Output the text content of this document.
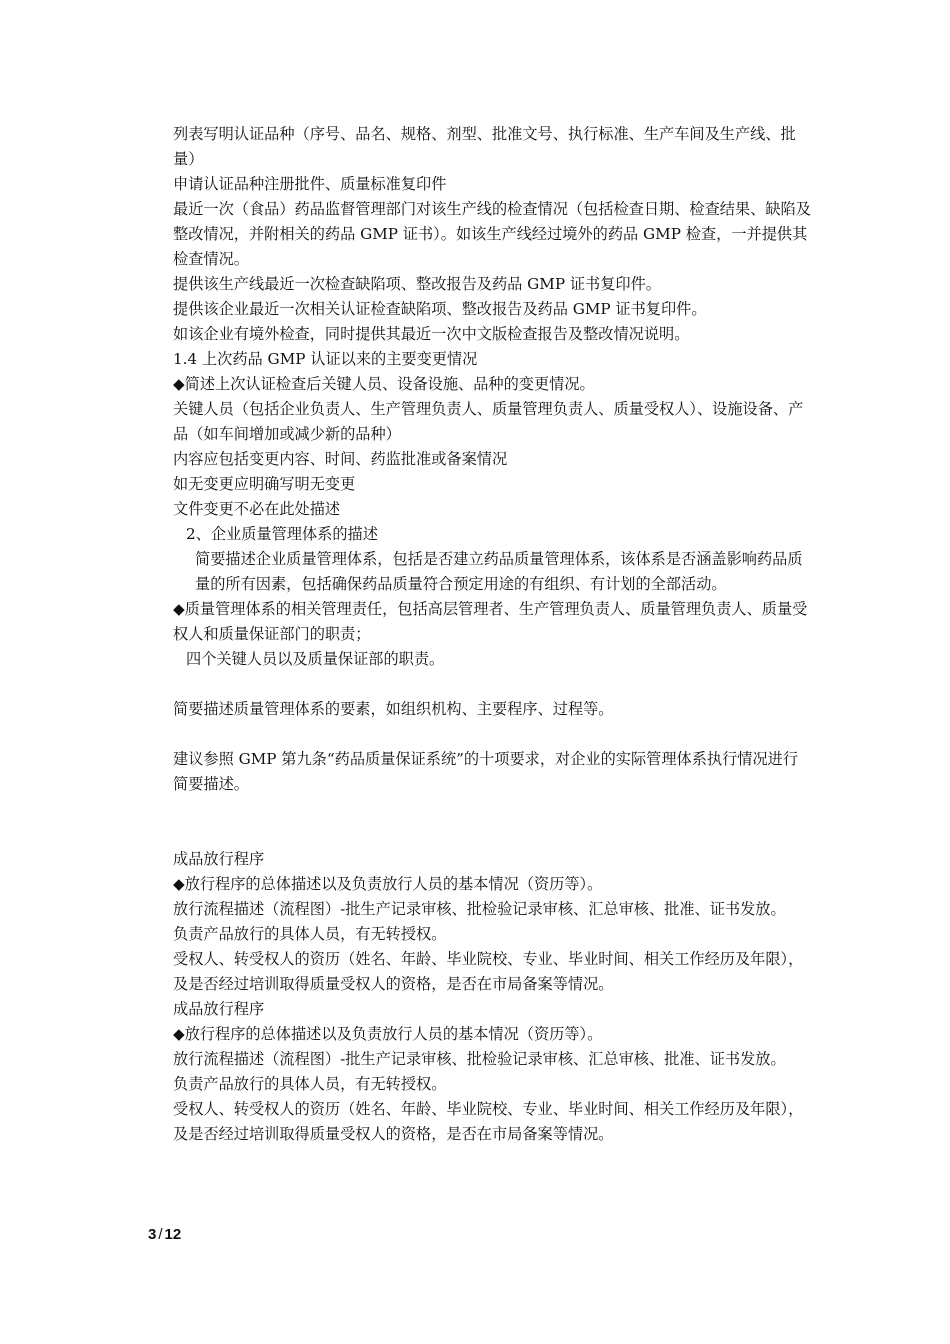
列表写明认证品种（序号、品名、规格、剂型、批准文号、执行标准、生产车间及生产线、批量）

申请认证品种注册批件、质量标准复印件

最近一次（食品）药品监督管理部门对该生产线的检查情况（包括检查日期、检查结果、缺陷及整改情况，并附相关的药品 GMP 证书）。如该生产线经过境外的药品 GMP 检查，一并提供其检查情况。

提供该生产线最近一次检查缺陷项、整改报告及药品 GMP 证书复印件。

提供该企业最近一次相关认证检查缺陷项、整改报告及药品 GMP 证书复印件。

如该企业有境外检查，同时提供其最近一次中文版检查报告及整改情况说明。

1.4 上次药品 GMP 认证以来的主要变更情况

◆简述上次认证检查后关键人员、设备设施、品种的变更情况。

关键人员（包括企业负责人、生产管理负责人、质量管理负责人、质量受权人）、设施设备、产品（如车间增加或减少新的品种）

内容应包括变更内容、时间、药监批准或备案情况

如无变更应明确写明无变更

文件变更不必在此处描述

2、企业质量管理体系的描述

简要描述企业质量管理体系，包括是否建立药品质量管理体系，该体系是否涵盖影响药品质量的所有因素，包括确保药品质量符合预定用途的有组织、有计划的全部活动。

◆质量管理体系的相关管理责任，包括高层管理者、生产管理负责人、质量管理负责人、质量受权人和质量保证部门的职责；

四个关键人员以及质量保证部的职责。

简要描述质量管理体系的要素，如组织机构、主要程序、过程等。

建议参照 GMP 第九条“药品质量保证系统”的十项要求，对企业的实际管理体系执行情况进行简要描述。

成品放行程序

◆放行程序的总体描述以及负责放行人员的基本情况（资历等）。

放行流程描述（流程图）-批生产记录审核、批检验记录审核、汇总审核、批准、证书发放。

负责产品放行的具体人员，有无转授权。

受权人、转受权人的资历（姓名、年龄、毕业院校、专业、毕业时间、相关工作经历及年限），及是否经过培训取得质量受权人的资格，是否在市局备案等情况。

成品放行程序

◆放行程序的总体描述以及负责放行人员的基本情况（资历等）。

放行流程描述（流程图）-批生产记录审核、批检验记录审核、汇总审核、批准、证书发放。

负责产品放行的具体人员，有无转授权。

受权人、转受权人的资历（姓名、年龄、毕业院校、专业、毕业时间、相关工作经历及年限），及是否经过培训取得质量受权人的资格，是否在市局备案等情况。

3 / 12
